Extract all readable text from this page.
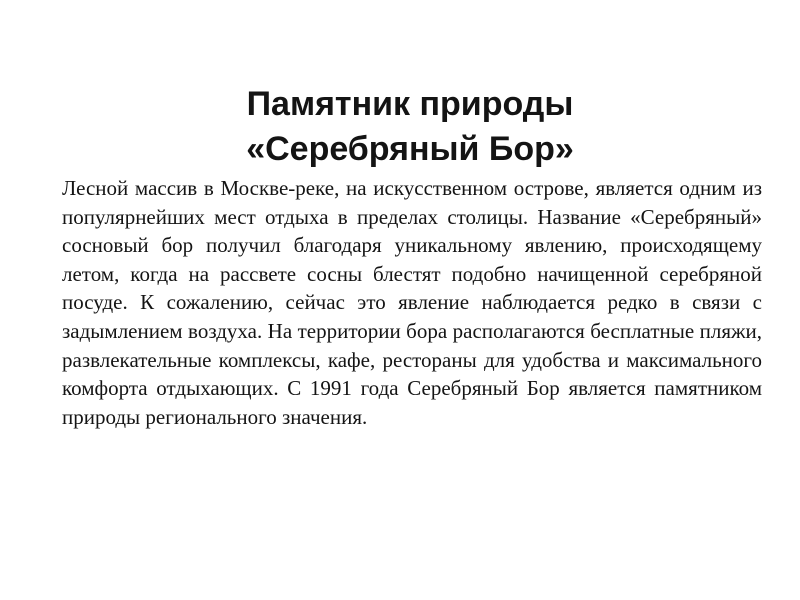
Памятник природы
«Серебряный Бор»

Лесной массив в Москве-реке, на искусственном острове, является одним из популярнейших мест отдыха в пределах столицы. Название «Серебряный» сосновый бор получил благодаря уникальному явлению, происходящему летом, когда на рассвете сосны блестят подобно начищенной серебряной посуде. К сожалению, сейчас это явление наблюдается редко в связи с задымлением воздуха. На территории бора располагаются бесплатные пляжи, развлекательные комплексы, кафе, рестораны для удобства и максимального комфорта отдыхающих. С 1991 года Серебряный Бор является памятником природы регионального значения.
